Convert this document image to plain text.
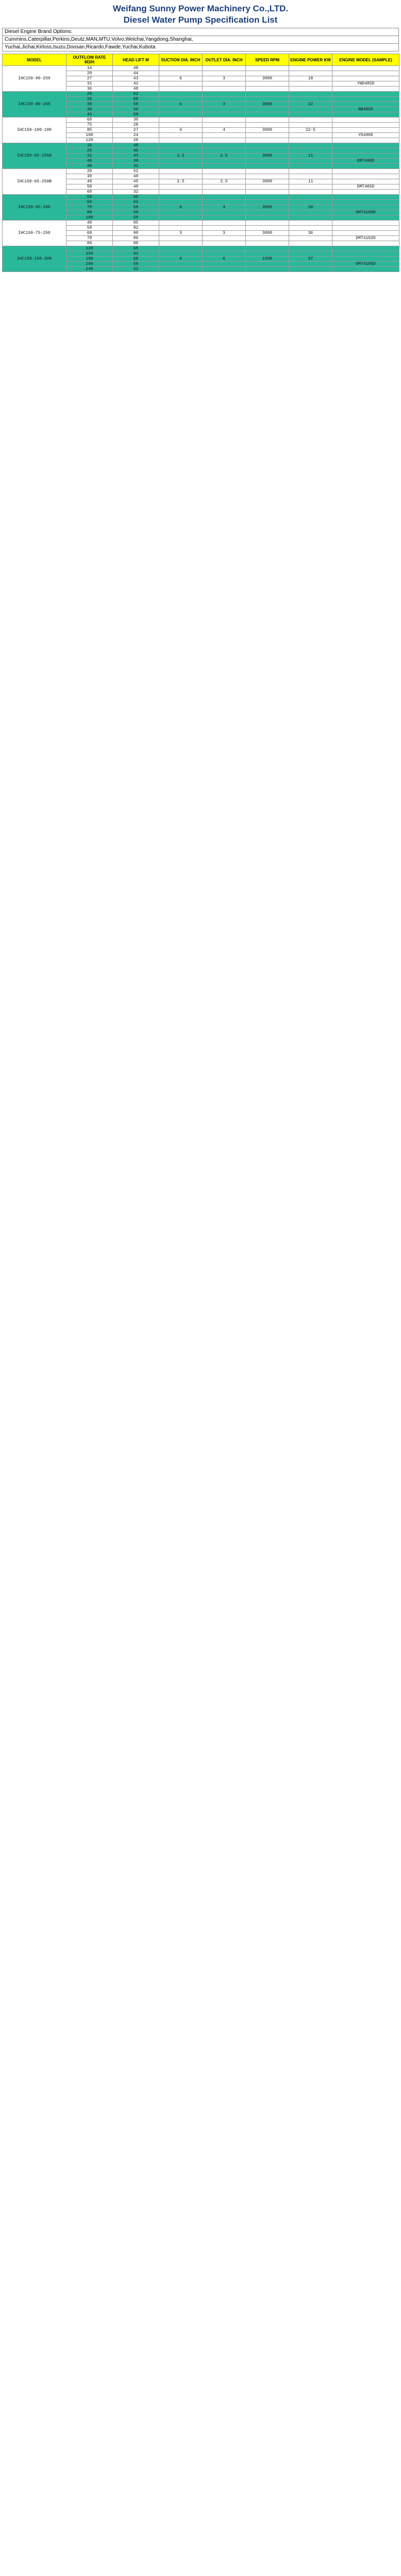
Weifang Sunny Power Machinery Co.,LTD.
Diesel Water Pump Specification List
Diesel Engine Brand Options:
Cummins,Caterpillar,Perkins,Deutz,MAN,MTU,Volvo,Weichai,Yangdong,Shanghai,
Yuchai,Jichai,Kirloss,Isuzu,Doosan,Ricardo,Fawde,Yuchai,Kubota
MODEL	OUTFLOW RATE M3/H	HEAD LIFT M	SUCTION DIA. INCH	OUTLET DIA. INCH	SPEED RPM	ENGINE POWER KW	ENGINE MODEL (SAMPLE)
IHC150-90-250	14	48					
	20	44					
	27	43	6	3	3000	18	
	31	42					YND485D
	36	40					
IHC150-80-260	20	62					
	26	60					
	30	58	6	3	3000	22	
	36	56					NB485D
	45	50					
IHC150-100-180	60	30					
	75	28					
	85	27	4	4	3000	22-5	
	100	24					YD490D
	120	20					
IHC150-65-250A	16	48					
	25	45					
	31	43	2.5	2.5	3000	11	
	40	38					DMT490D
	48	32					
IHC150-65-250B	20	52					
	30	49					
	40	45	2.5	2.5	3000	11	
	50	40					DMT485D
	60	32					
IHC150-65-200	50	65					
	60	62					
	70	60	6	4	3000	30	
	80	58					DMT4100D
	100	50					
IHC150-75-250	40	95					
	50	92					
	60	90	3	3	3000	36	
	70	86					DMT4102D
	80	80					
IHC150-150-300	120	65					
	150	62					
	180	60	6	6	1500	37	
	200	58					DMT4105D
	240	52					
